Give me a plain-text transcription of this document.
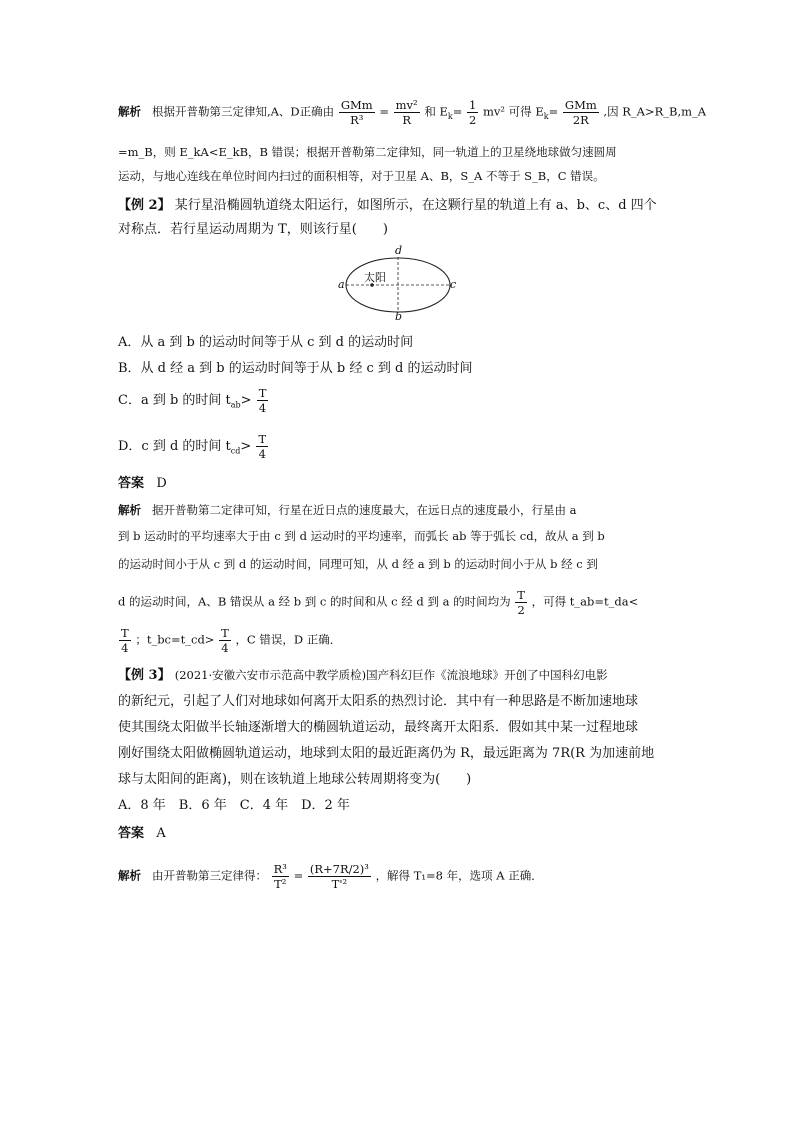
解析 根据开普勒第三定律知,A、D正确由 $\frac{\text{GMm}}{\text{R³}} = \frac{\text{mv²}}{R}$ 和 $E_k= \frac{1}{2} mv^2$ 可得 $E_k= \frac{\text{GMm}}{2R}$ ,因 R_A>R_B,m_A
=m_B，则 E_kA<E_kB，B 错误；根据开普勒第二定律知，同一轨道上的卫星绕地球做匀速圆周
运动，与地心连线在单位时间内扫过的面积相等，对于卫星 A、B，S_A 不等于 S_B，C 错误。
【例 2】 某行星沿椭圆轨道绕太阳运行，如图所示，在这颗行星的轨道上有 a、b、c、d 四个
对称点．若行星运动周期为 T，则该行星(　　)
太阳
a
b
c
d
A．从 a 到 b 的运动时间等于从 c 到 d 的运动时间
B．从 d 经 a 到 b 的运动时间等于从 b 经 c 到 d 的运动时间
C．a 到 b 的时间 $t_{ab}> \frac{T}{4}$
D．c 到 d 的时间 $t_{cd}> \frac{T}{4}$
答案 D
解析 据开普勒第二定律可知，行星在近日点的速度最大，在远日点的速度最小，行星由 a
到 b 运动时的平均速率大于由 c 到 d 运动时的平均速率，而弧长 ab 等于弧长 cd，故从 a 到 b
的运动时间小于从 c 到 d 的运动时间，同理可知，从 d 经 a 到 b 的运动时间小于从 b 经 c 到
d 的运动时间，A、B 错误从 a 经 b 到 c 的时间和从 c 经 d 到 a 的时间均为 $\frac{T}{2}$ ，可得 t_ab=t_da<
$\frac{T}{4}$ ；t_bc=t_cd> $\frac{T}{4}$ ，C 错误，D 正确．
【例 3】 (2021·安徽六安市示范高中教学质检)国产科幻巨作《流浪地球》开创了中国科幻电影
的新纪元，引起了人们对地球如何离开太阳系的热烈讨论．其中有一种思路是不断加速地球
使其围绕太阳做半长轴逐渐增大的椭圆轨道运动，最终离开太阳系．假如其中某一过程地球
刚好围绕太阳做椭圆轨道运动，地球到太阳的最近距离仍为 R，最远距离为 7R(R 为加速前地
球与太阳间的距离)，则在该轨道上地球公转周期将变为(　　)
A．8 年　B．6 年　C．4 年　D．2 年
答案 A
解析 由开普勒第三定律得： $\frac{\text{R³}}{\text{T²}} = \frac{\text{(R+7R/2)³}}{\text{T'²}}$ ，解得 T₁=8 年，选项 A 正确．
